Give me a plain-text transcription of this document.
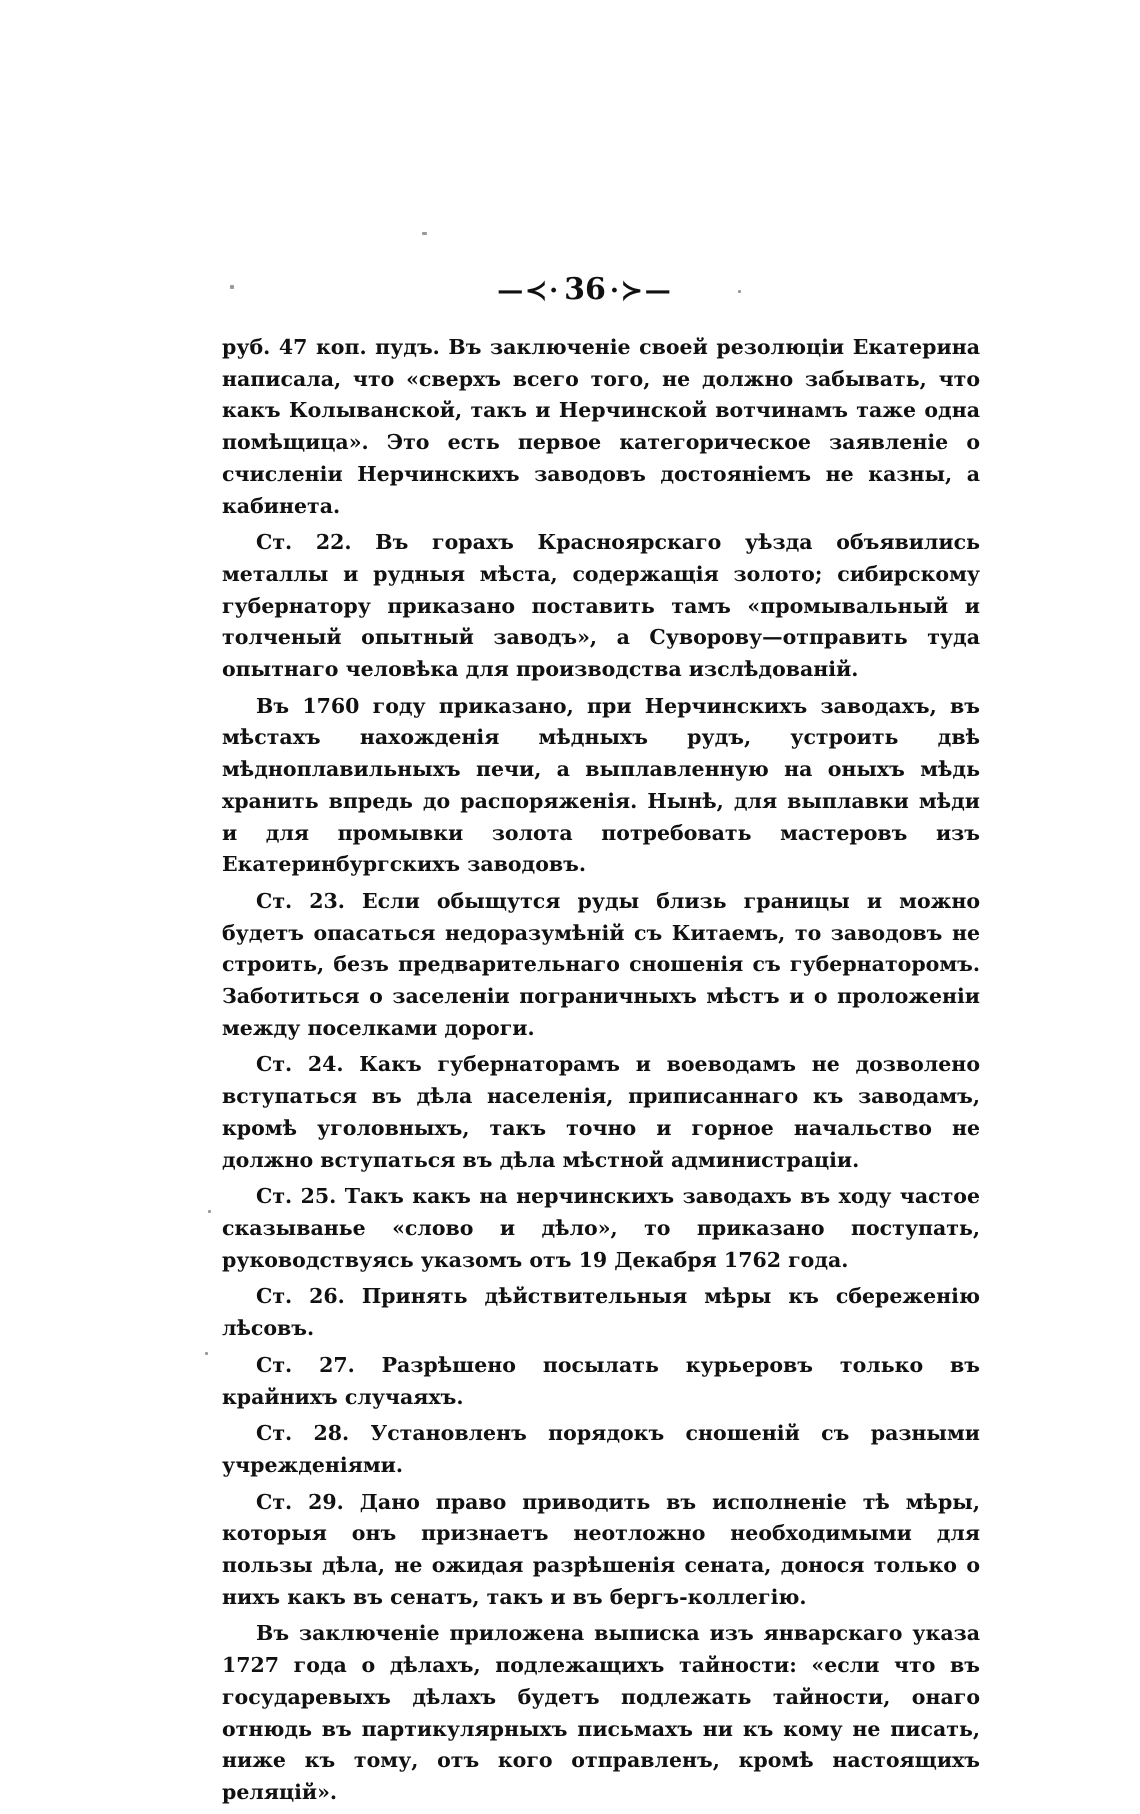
—≺· 36 ·≻—

руб. 47 коп. пудъ. Въ заключеніе своей резолюціи Екатерина написала, что «сверхъ всего того, не должно забывать, что какъ Колыванской, такъ и Нерчинской вотчинамъ таже одна помѣщица». Это есть первое категорическое заявленіе о счисленіи Нерчинскихъ заводовъ достояніемъ не казны, а кабинета.

Ст. 22. Въ горахъ Красноярскаго уѣзда объявились металлы и рудныя мѣста, содержащія золото; сибирскому губернатору приказано поставить тамъ «промывальный и толченый опытный заводъ», а Суворову—отправить туда опытнаго человѣка для производства изслѣдованій.

Въ 1760 году приказано, при Нерчинскихъ заводахъ, въ мѣстахъ нахожденія мѣдныхъ рудъ, устроить двѣ мѣдноплавильныхъ печи, а выплавленную на оныхъ мѣдь хранить впредь до распоряженія. Нынѣ, для выплавки мѣди и для промывки золота потребовать мастеровъ изъ Екатеринбургскихъ заводовъ.

Ст. 23. Если обыщутся руды близь границы и можно будетъ опасаться недоразумѣній съ Китаемъ, то заводовъ не строить, безъ предварительнаго сношенія съ губернаторомъ. Заботиться о заселеніи пограничныхъ мѣстъ и о проложеніи между поселками дороги.

Ст. 24. Какъ губернаторамъ и воеводамъ не дозволено вступаться въ дѣла населенія, приписаннаго къ заводамъ, кромѣ уголовныхъ, такъ точно и горное начальство не должно вступаться въ дѣла мѣстной администраціи.

Ст. 25. Такъ какъ на нерчинскихъ заводахъ въ ходу частое сказыванье «слово и дѣло», то приказано поступать, руководствуясь указомъ отъ 19 Декабря 1762 года.

Ст. 26. Принять дѣйствительныя мѣры къ сбереженію лѣсовъ.

Ст. 27. Разрѣшено посылать курьеровъ только въ крайнихъ случаяхъ.

Ст. 28. Установленъ порядокъ сношеній съ разными учрежденіями.

Ст. 29. Дано право приводить въ исполненіе тѣ мѣры, которыя онъ признаетъ неотложно необходимыми для пользы дѣла, не ожидая разрѣшенія сената, донося только о нихъ какъ въ сенатъ, такъ и въ бергъ-коллегію.

Въ заключеніе приложена выписка изъ январскаго указа 1727 года о дѣлахъ, подлежащихъ тайности: «если что въ государевыхъ дѣлахъ будетъ подлежать тайности, онаго отнюдь въ партикулярныхъ письмахъ ни къ кому не писать, ниже къ тому, отъ кого отправленъ, кромѣ настоящихъ реляцій».
